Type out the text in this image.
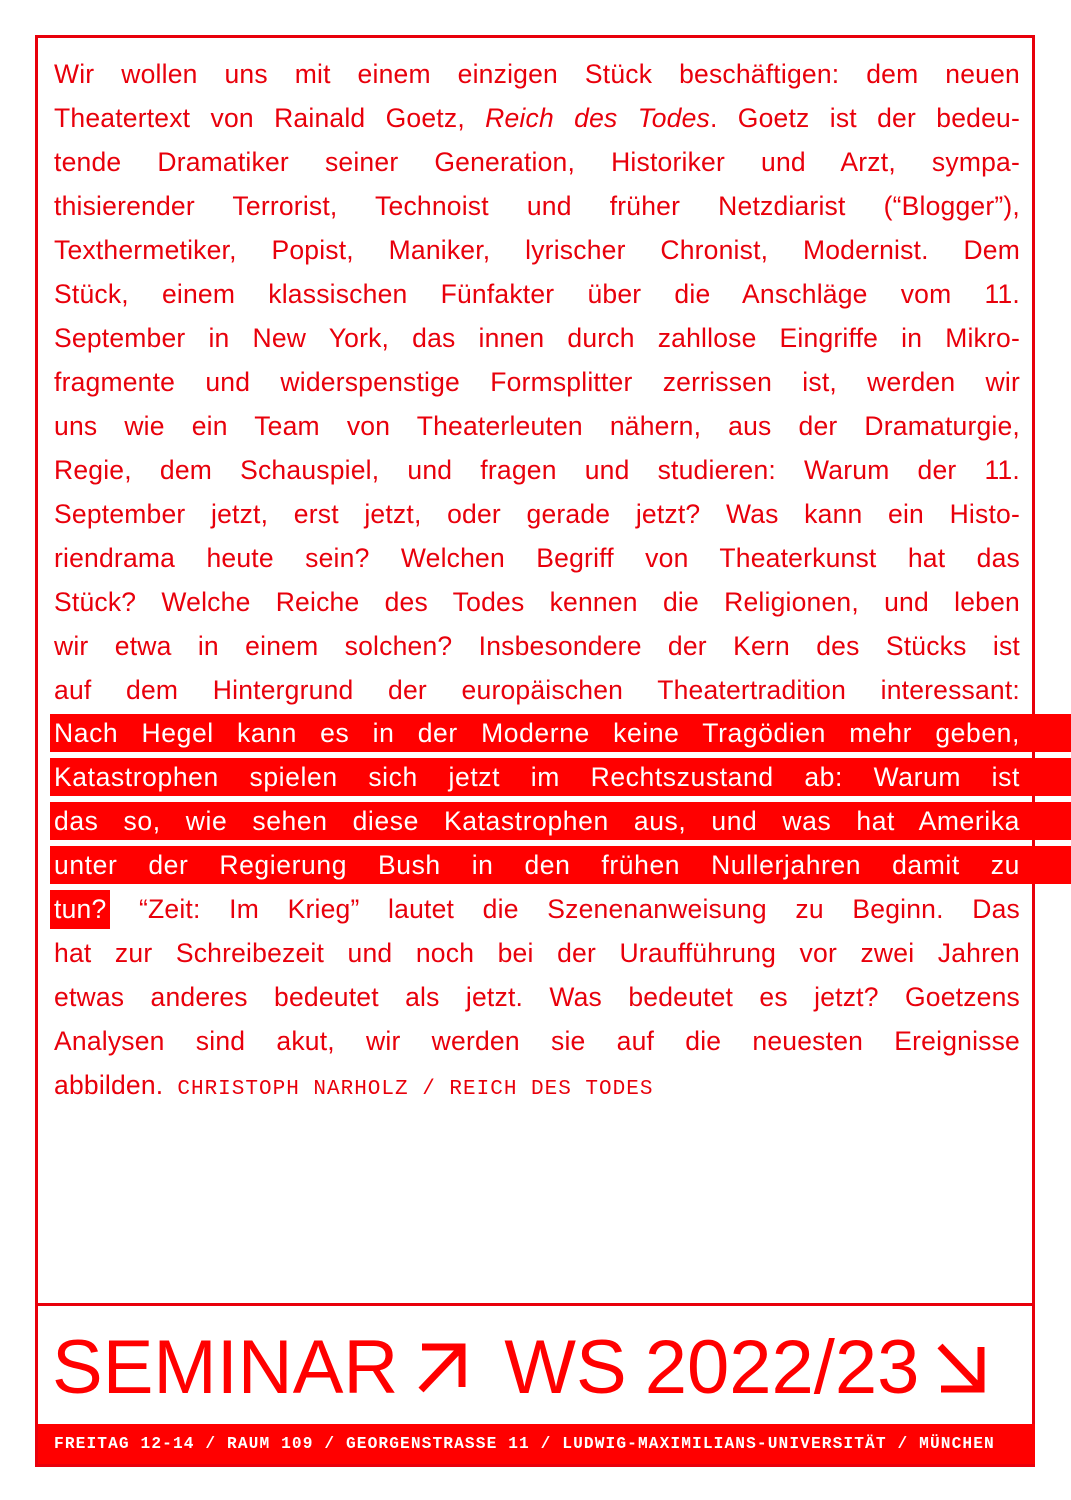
Wir wollen uns mit einem einzigen Stück beschäftigen: dem neuen
Theatertext von Rainald Goetz, Reich des Todes. Goetz ist der bedeu-
tende Dramatiker seiner Generation, Historiker und Arzt, sympa-
thisierender Terrorist, Technoist und früher Netzdiarist (“Blogger”),
Texthermetiker, Popist, Maniker, lyrischer Chronist, Modernist. Dem
Stück, einem klassischen Fünfakter über die Anschläge vom 11.
September in New York, das innen durch zahllose Eingriffe in Mikro-
fragmente und widerspenstige Formsplitter zerrissen ist, werden wir
uns wie ein Team von Theaterleuten nähern, aus der Dramaturgie,
Regie, dem Schauspiel, und fragen und studieren: Warum der 11.
September jetzt, erst jetzt, oder gerade jetzt? Was kann ein Histo-
riendrama heute sein? Welchen Begriff von Theaterkunst hat das
Stück? Welche Reiche des Todes kennen die Religionen, und leben
wir etwa in einem solchen? Insbesondere der Kern des Stücks ist
auf dem Hintergrund der europäischen Theatertradition interessant:
Nach Hegel kann es in der Moderne keine Tragödien mehr geben,
Katastrophen spielen sich jetzt im Rechtszustand ab: Warum ist
das so, wie sehen diese Katastrophen aus, und was hat Amerika
unter der Regierung Bush in den frühen Nullerjahren damit zu
tun? “Zeit: Im Krieg” lautet die Szenenanweisung zu Beginn. Das
hat zur Schreibezeit und noch bei der Uraufführung vor zwei Jahren
etwas anderes bedeutet als jetzt. Was bedeutet es jetzt? Goetzens
Analysen sind akut, wir werden sie auf die neuesten Ereignisse
abbilden. CHRISTOPH NARHOLZ / REICH DES TODES
SEMINAR WS 2022/23
FREITAG 12-14 / RAUM 109 / GEORGENSTRASSE 11 / LUDWIG-MAXIMILIANS-UNIVERSITÄT / MÜNCHEN
